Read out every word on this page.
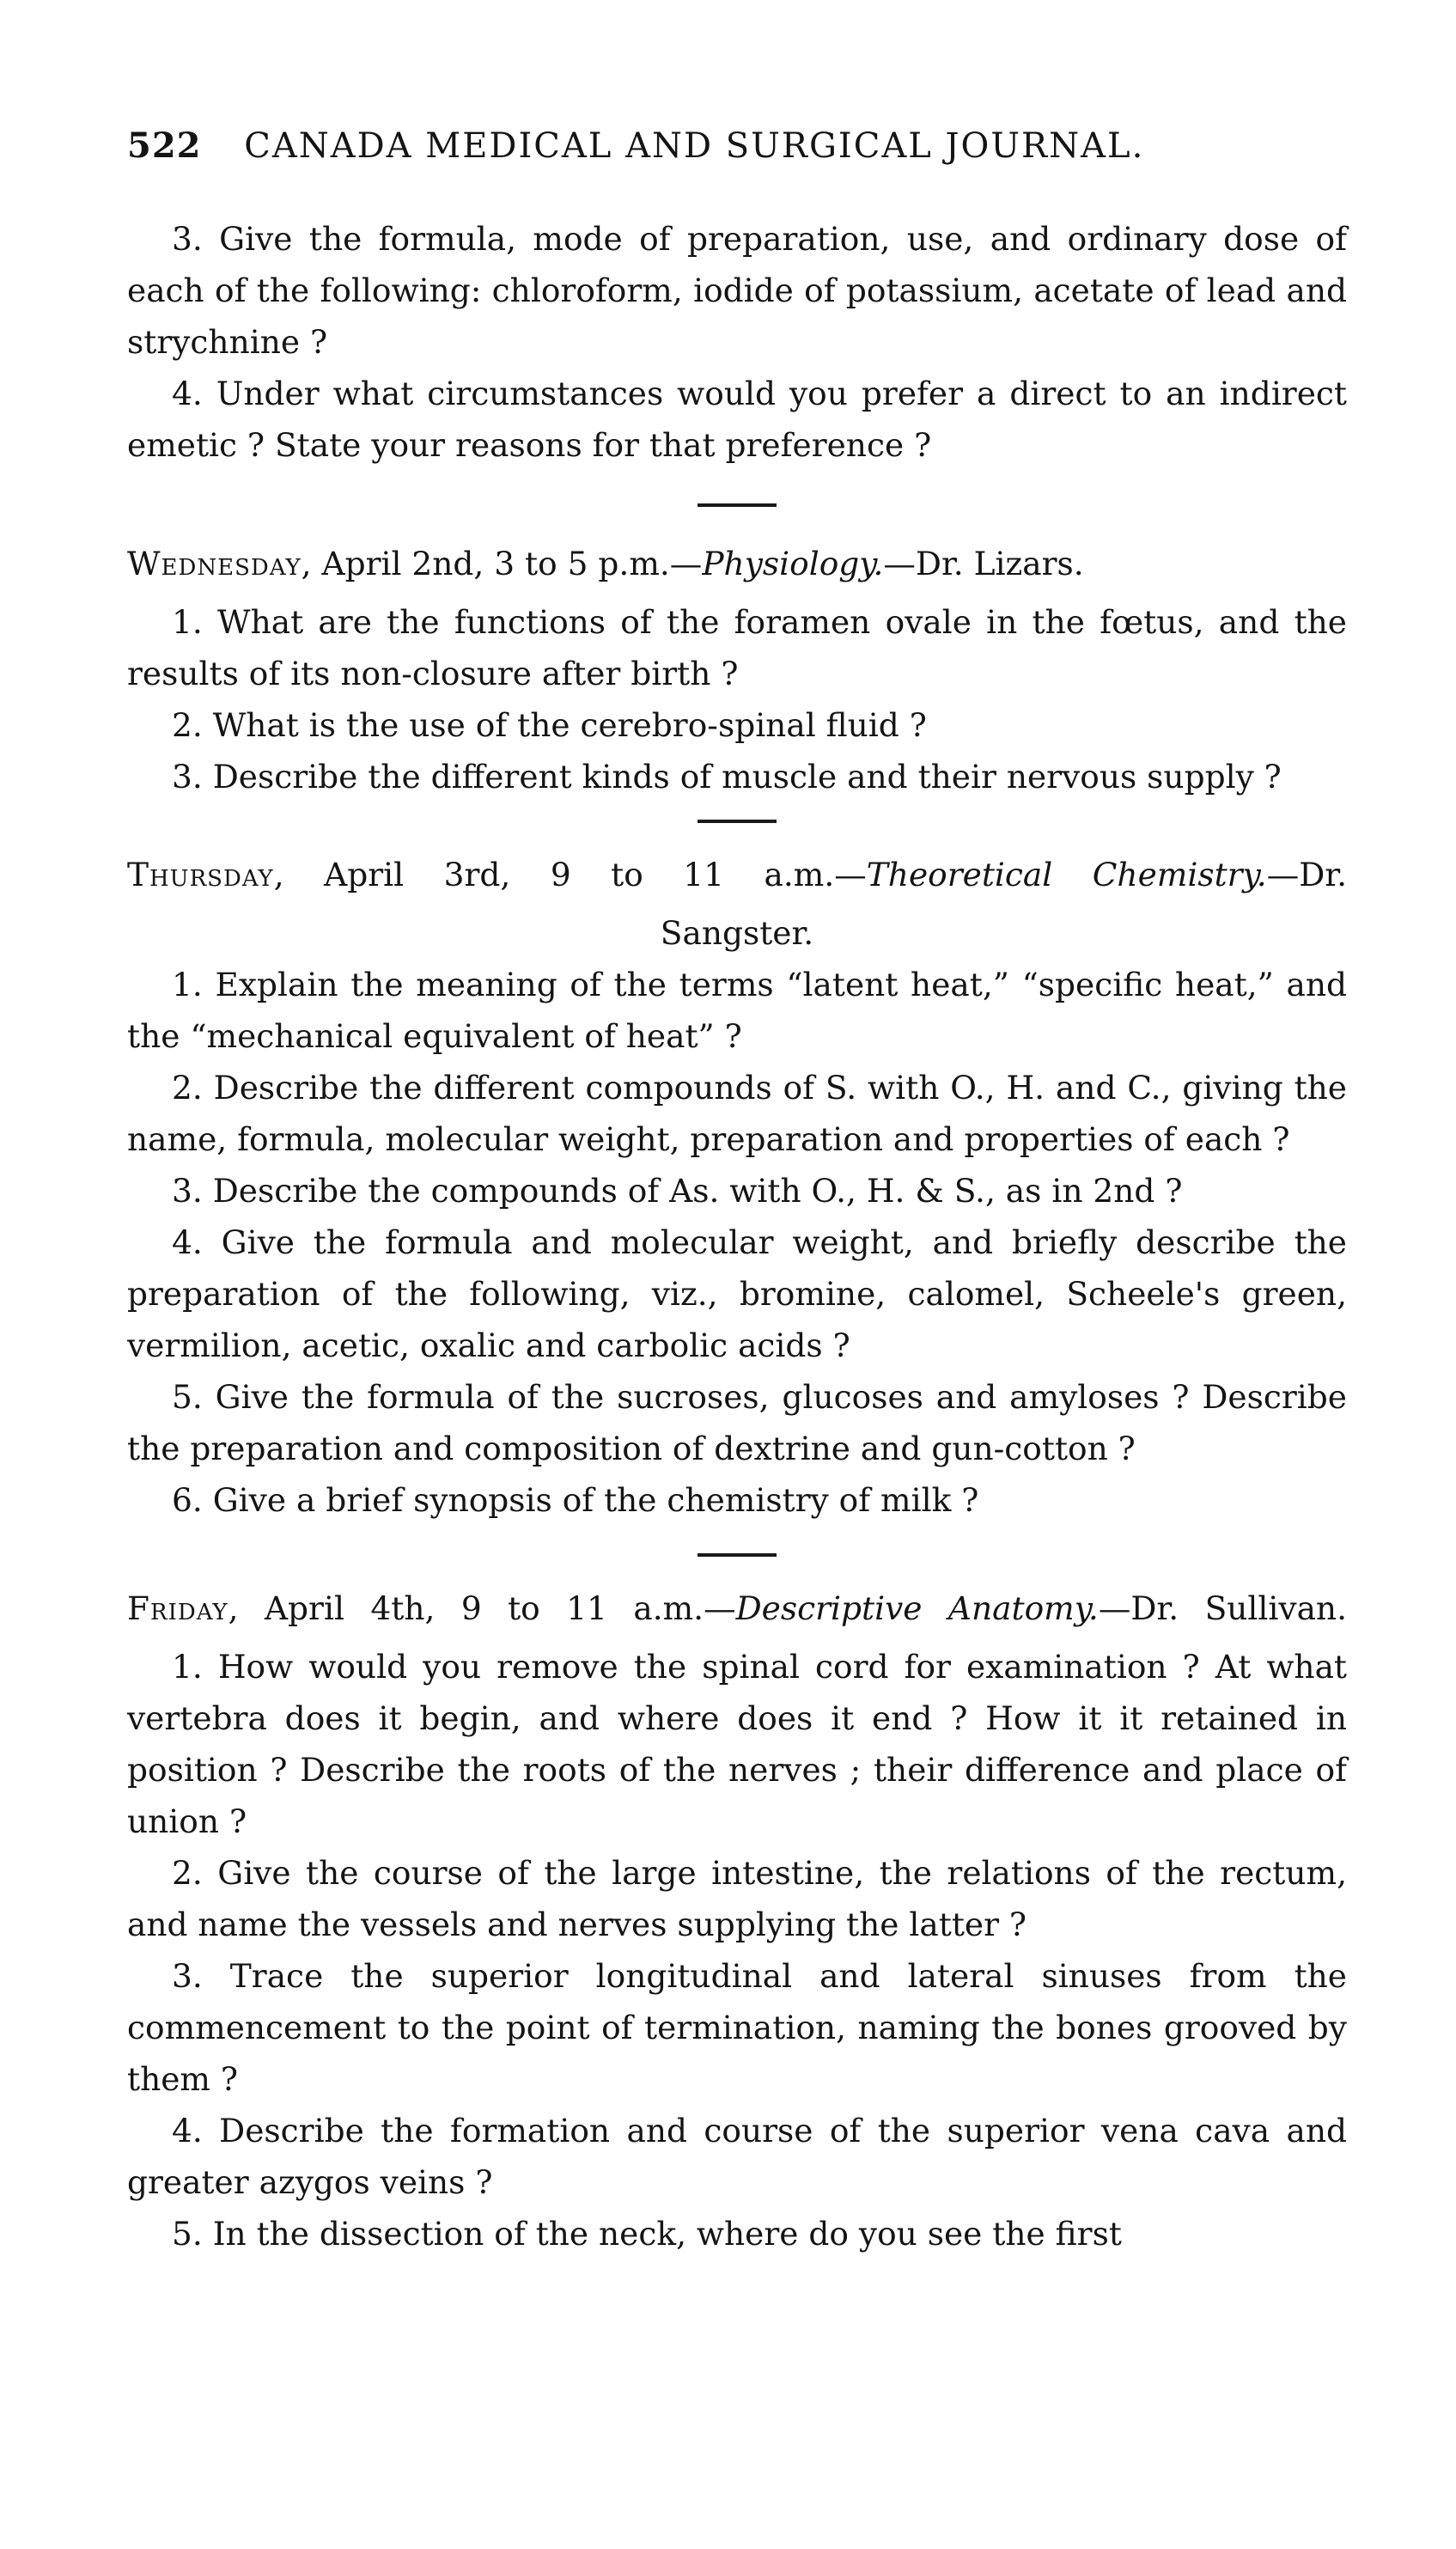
522 CANADA MEDICAL AND SURGICAL JOURNAL.

3. Give the formula, mode of preparation, use, and ordinary dose of each of the following: chloroform, iodide of potassium, acetate of lead and strychnine ?

4. Under what circumstances would you prefer a direct to an indirect emetic ? State your reasons for that preference ?

Wednesday, April 2nd, 3 to 5 p.m.—Physiology.—Dr. Lizars.

1. What are the functions of the foramen ovale in the fœtus, and the results of its non-closure after birth ?

2. What is the use of the cerebro-spinal fluid ?

3. Describe the different kinds of muscle and their nervous supply ?

Thursday, April 3rd, 9 to 11 a.m.—Theoretical Chemistry.—Dr.

Sangster.

1. Explain the meaning of the terms “latent heat,” “specific heat,” and the “mechanical equivalent of heat” ?

2. Describe the different compounds of S. with O., H. and C., giving the name, formula, molecular weight, preparation and properties of each ?

3. Describe the compounds of As. with O., H. & S., as in 2nd ?

4. Give the formula and molecular weight, and briefly describe the preparation of the following, viz., bromine, calomel, Scheele's green, vermilion, acetic, oxalic and carbolic acids ?

5. Give the formula of the sucroses, glucoses and amyloses ? Describe the preparation and composition of dextrine and gun-cotton ?

6. Give a brief synopsis of the chemistry of milk ?

Friday, April 4th, 9 to 11 a.m.—Descriptive Anatomy.—Dr. Sullivan.

1. How would you remove the spinal cord for examination ? At what vertebra does it begin, and where does it end ? How it it retained in position ? Describe the roots of the nerves ; their difference and place of union ?

2. Give the course of the large intestine, the relations of the rectum, and name the vessels and nerves supplying the latter ?

3. Trace the superior longitudinal and lateral sinuses from the commencement to the point of termination, naming the bones grooved by them ?

4. Describe the formation and course of the superior vena cava and greater azygos veins ?

5. In the dissection of the neck, where do you see the first
